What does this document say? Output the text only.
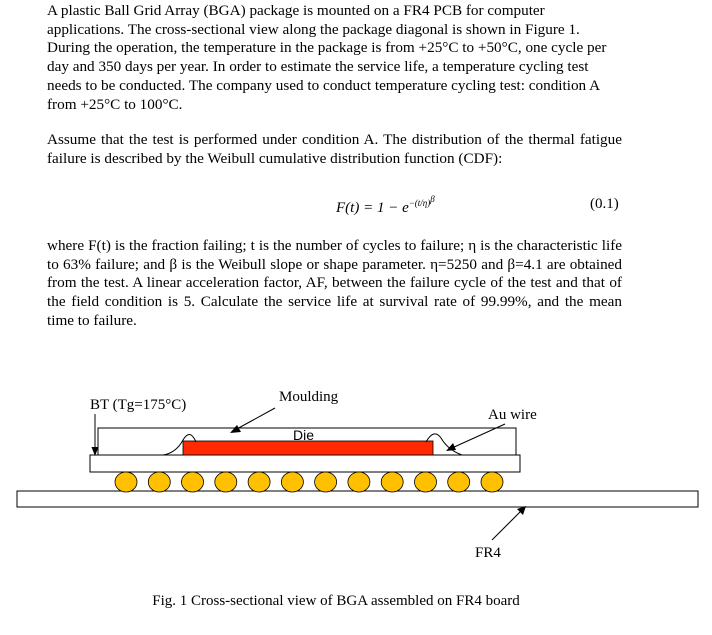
A plastic Ball Grid Array (BGA) package is mounted on a FR4 PCB for computer applications. The cross-sectional view along the package diagonal is shown in Figure 1. During the operation, the temperature in the package is from +25°C to +50°C, one cycle per day and 350 days per year. In order to estimate the service life, a temperature cycling test needs to be conducted. The company used to conduct temperature cycling test: condition A from +25°C to 100°C.

Assume that the test is performed under condition A. The distribution of the thermal fatigue failure is described by the Weibull cumulative distribution function (CDF):

$F(t) = 1 - e^{-(t/\eta)^\beta}$	(0.1)

where F(t) is the fraction failing; t is the number of cycles to failure; η is the characteristic life to 63% failure; and β is the Weibull slope or shape parameter. η=5250 and β=4.1 are obtained from the test. A linear acceleration factor, AF, between the failure cycle of the test and that of the field condition is 5. Calculate the service life at survival rate of 99.99%, and the mean time to failure.

BT (Tg=175°C)	Moulding
Au wire
Die
FR4
Fig. 1 Cross-sectional view of BGA assembled on FR4 board
